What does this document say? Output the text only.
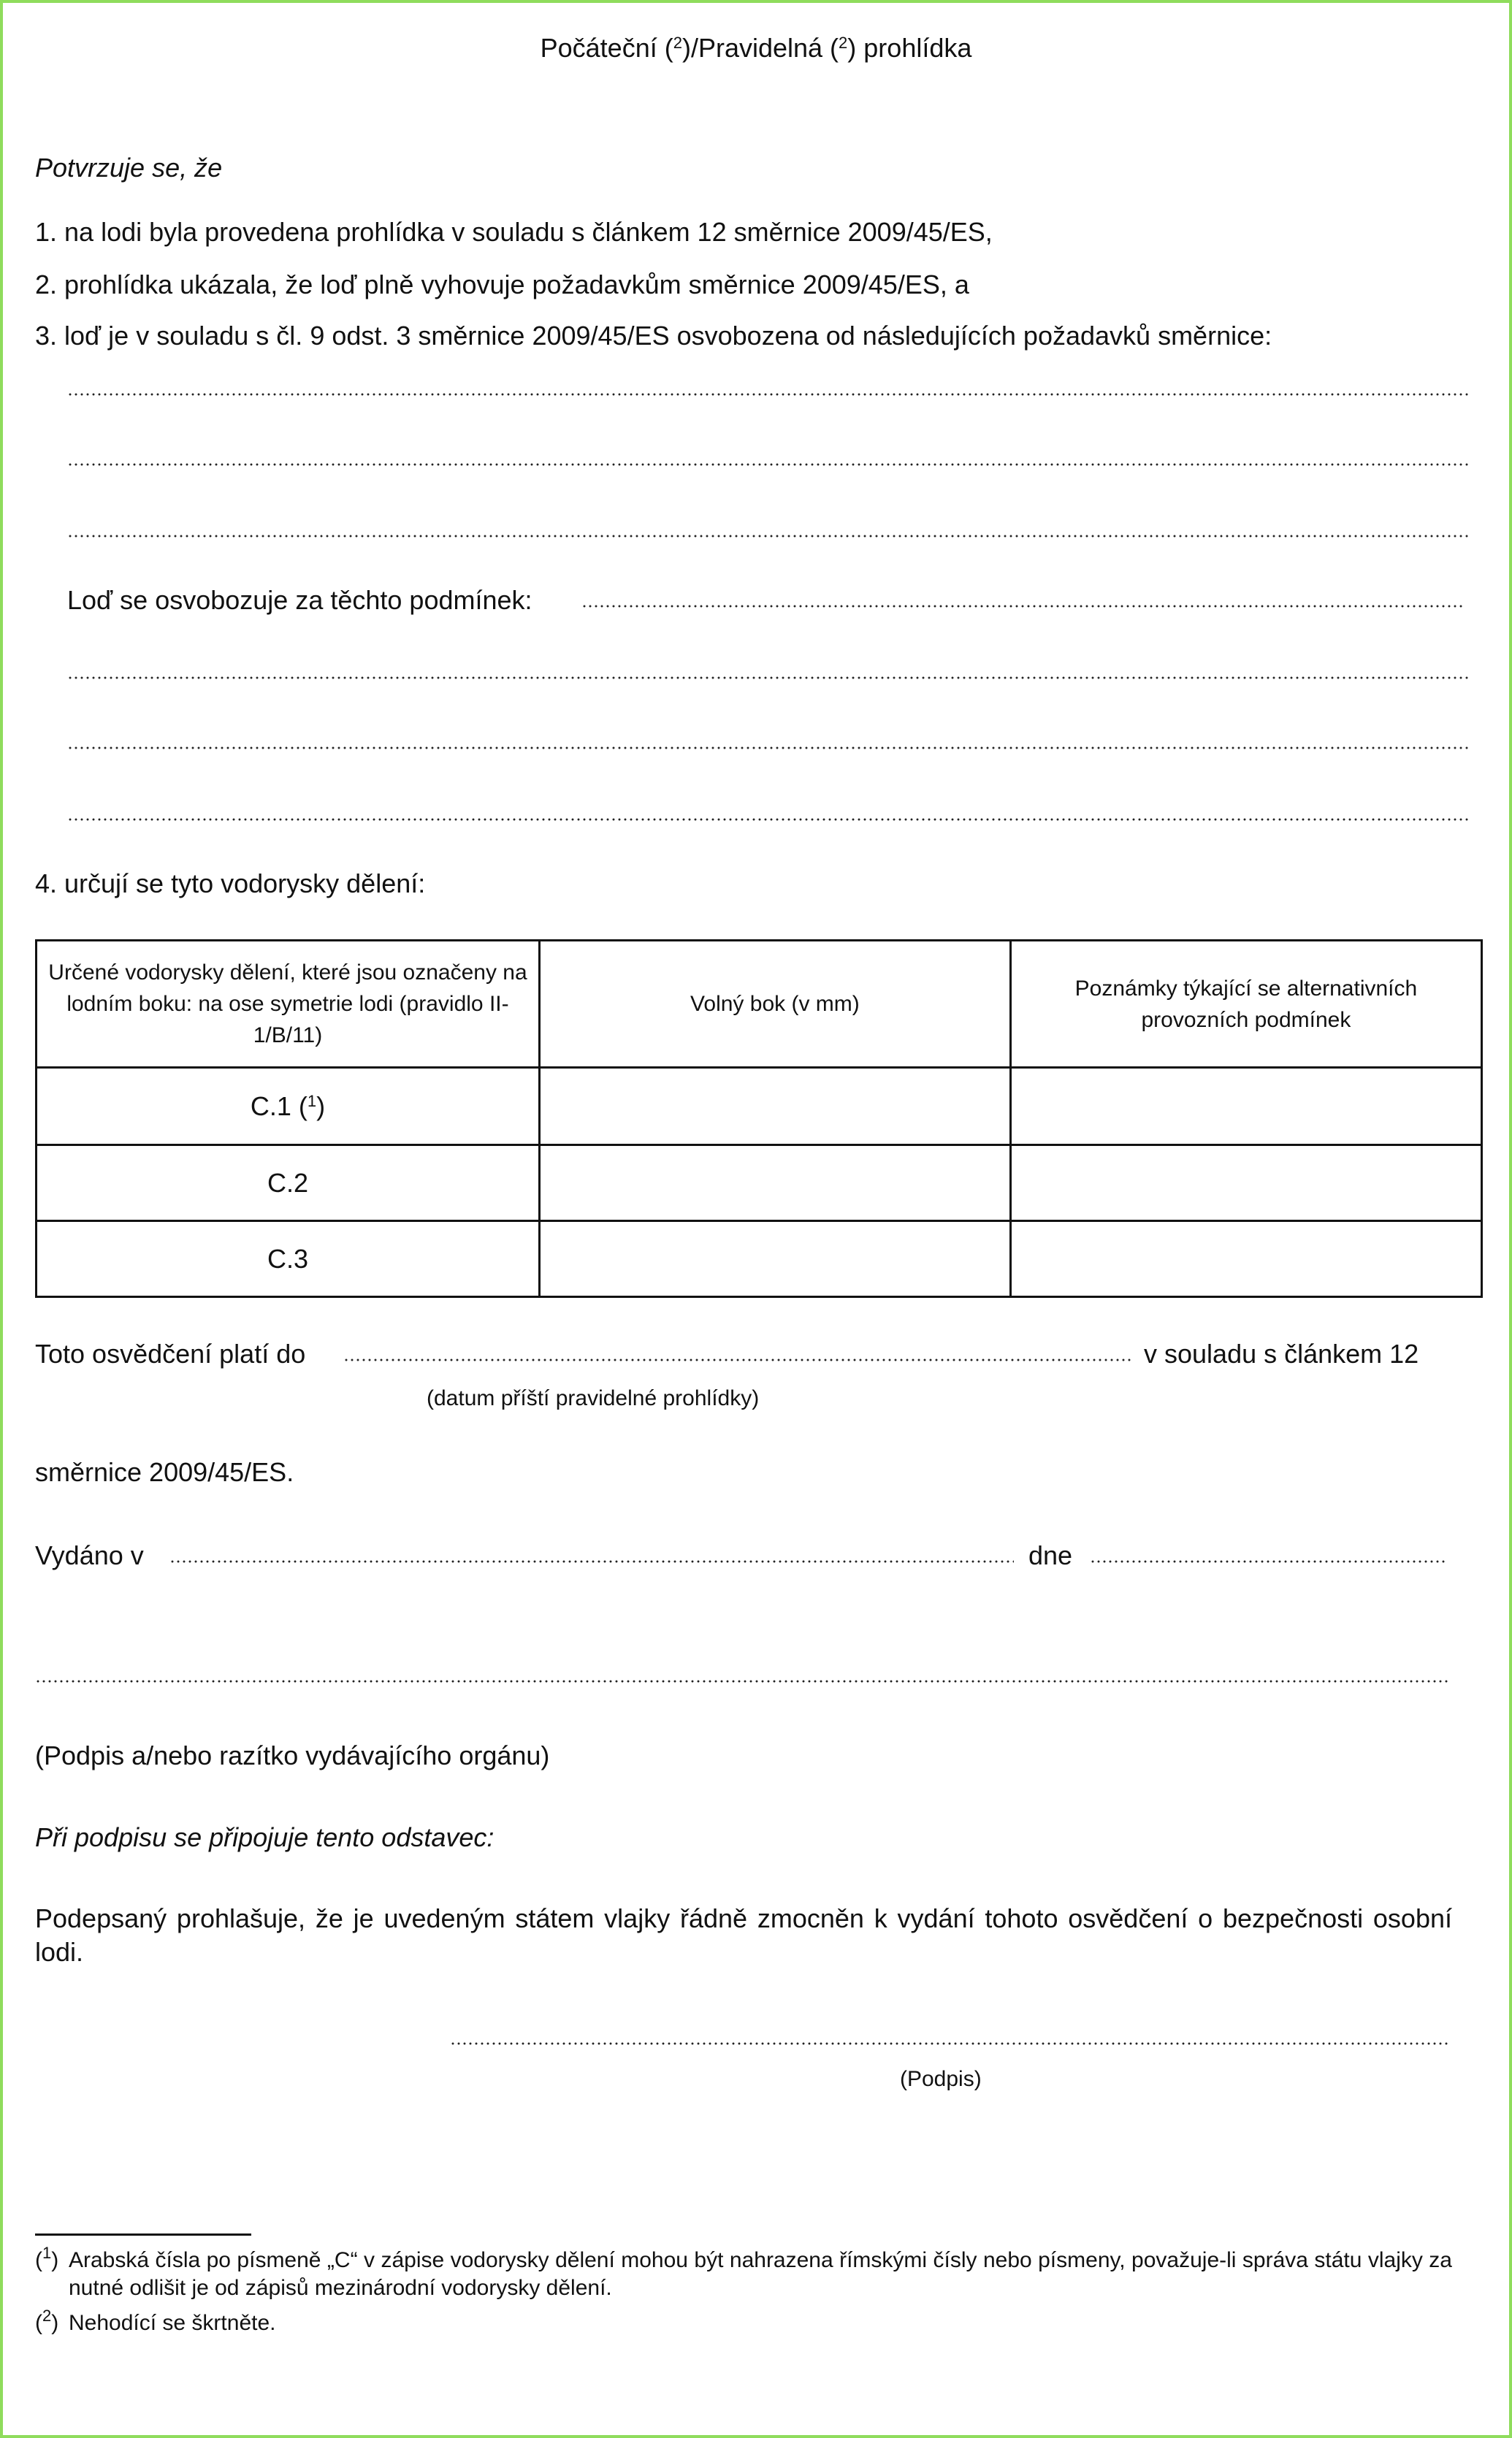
Počáteční ($^2$)/Pravidelná ($^2$) prohlídka
Potvrzuje se, že
1. na lodi byla provedena prohlídka v souladu s článkem 12 směrnice 2009/45/ES,
2. prohlídka ukázala, že loď plně vyhovuje požadavkům směrnice 2009/45/ES, a
3. loď je v souladu s čl. 9 odst. 3 směrnice 2009/45/ES osvobozena od následujících požadavků směrnice:
Loď se osvobozuje za těchto podmínek:
4. určují se tyto vodorysky dělení:
Určené vodorysky dělení, které jsou označeny na lodním boku: na ose symetrie lodi (pravidlo II-1/B/11)	Volný bok (v mm)	Poznámky týkající se alternativních provozních podmínek
C.1 ($^1$)		
C.2		
C.3		
Toto osvědčení platí do	v souladu s článkem 12
(datum příští pravidelné prohlídky)
směrnice 2009/45/ES.
Vydáno v	dne
(Podpis a/nebo razítko vydávajícího orgánu)
Při podpisu se připojuje tento odstavec:
Podepsaný prohlašuje, že je uvedeným státem vlajky řádně zmocněn k vydání tohoto osvědčení o bezpečnosti osobní lodi.
(Podpis)
($^1$) Arabská čísla po písmeně „C“ v zápise vodorysky dělení mohou být nahrazena římskými čísly nebo písmeny, považuje-li správa státu vlajky za nutné odlišit je od zápisů mezinárodní vodorysky dělení.
($^2$) Nehodící se škrtněte.
